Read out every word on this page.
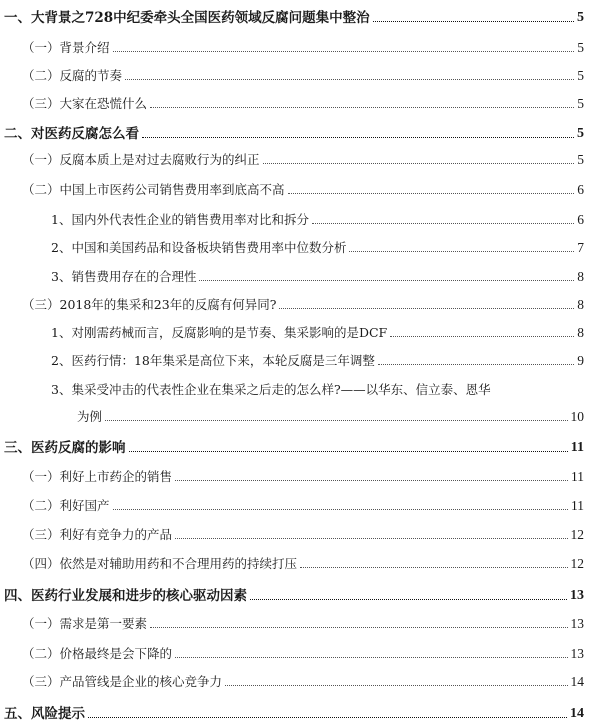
一、大背景之728中纪委牵头全国医药领域反腐问题集中整治	5
（一）背景介绍	5
（二）反腐的节奏	5
（三）大家在恐慌什么	5
二、对医药反腐怎么看	5
（一）反腐本质上是对过去腐败行为的纠正	5
（二）中国上市医药公司销售费用率到底高不高	6
1、国内外代表性企业的销售费用率对比和拆分	6
2、中国和美国药品和设备板块销售费用率中位数分析	7
3、销售费用存在的合理性	8
（三）2018年的集采和23年的反腐有何异同?	8
1、对刚需药械而言，反腐影响的是节奏、集采影响的是DCF	8
2、医药行情：18年集采是高位下来，本轮反腐是三年调整	9
3、集采受冲击的代表性企业在集采之后走的怎么样?——以华东、信立泰、恩华
为例	10
三、医药反腐的影响	11
（一）利好上市药企的销售	11
（二）利好国产	11
（三）利好有竞争力的产品	12
（四）依然是对辅助用药和不合理用药的持续打压	12
四、医药行业发展和进步的核心驱动因素	13
（一）需求是第一要素	13
（二）价格最终是会下降的	13
（三）产品管线是企业的核心竞争力	14
五、风险提示	14
